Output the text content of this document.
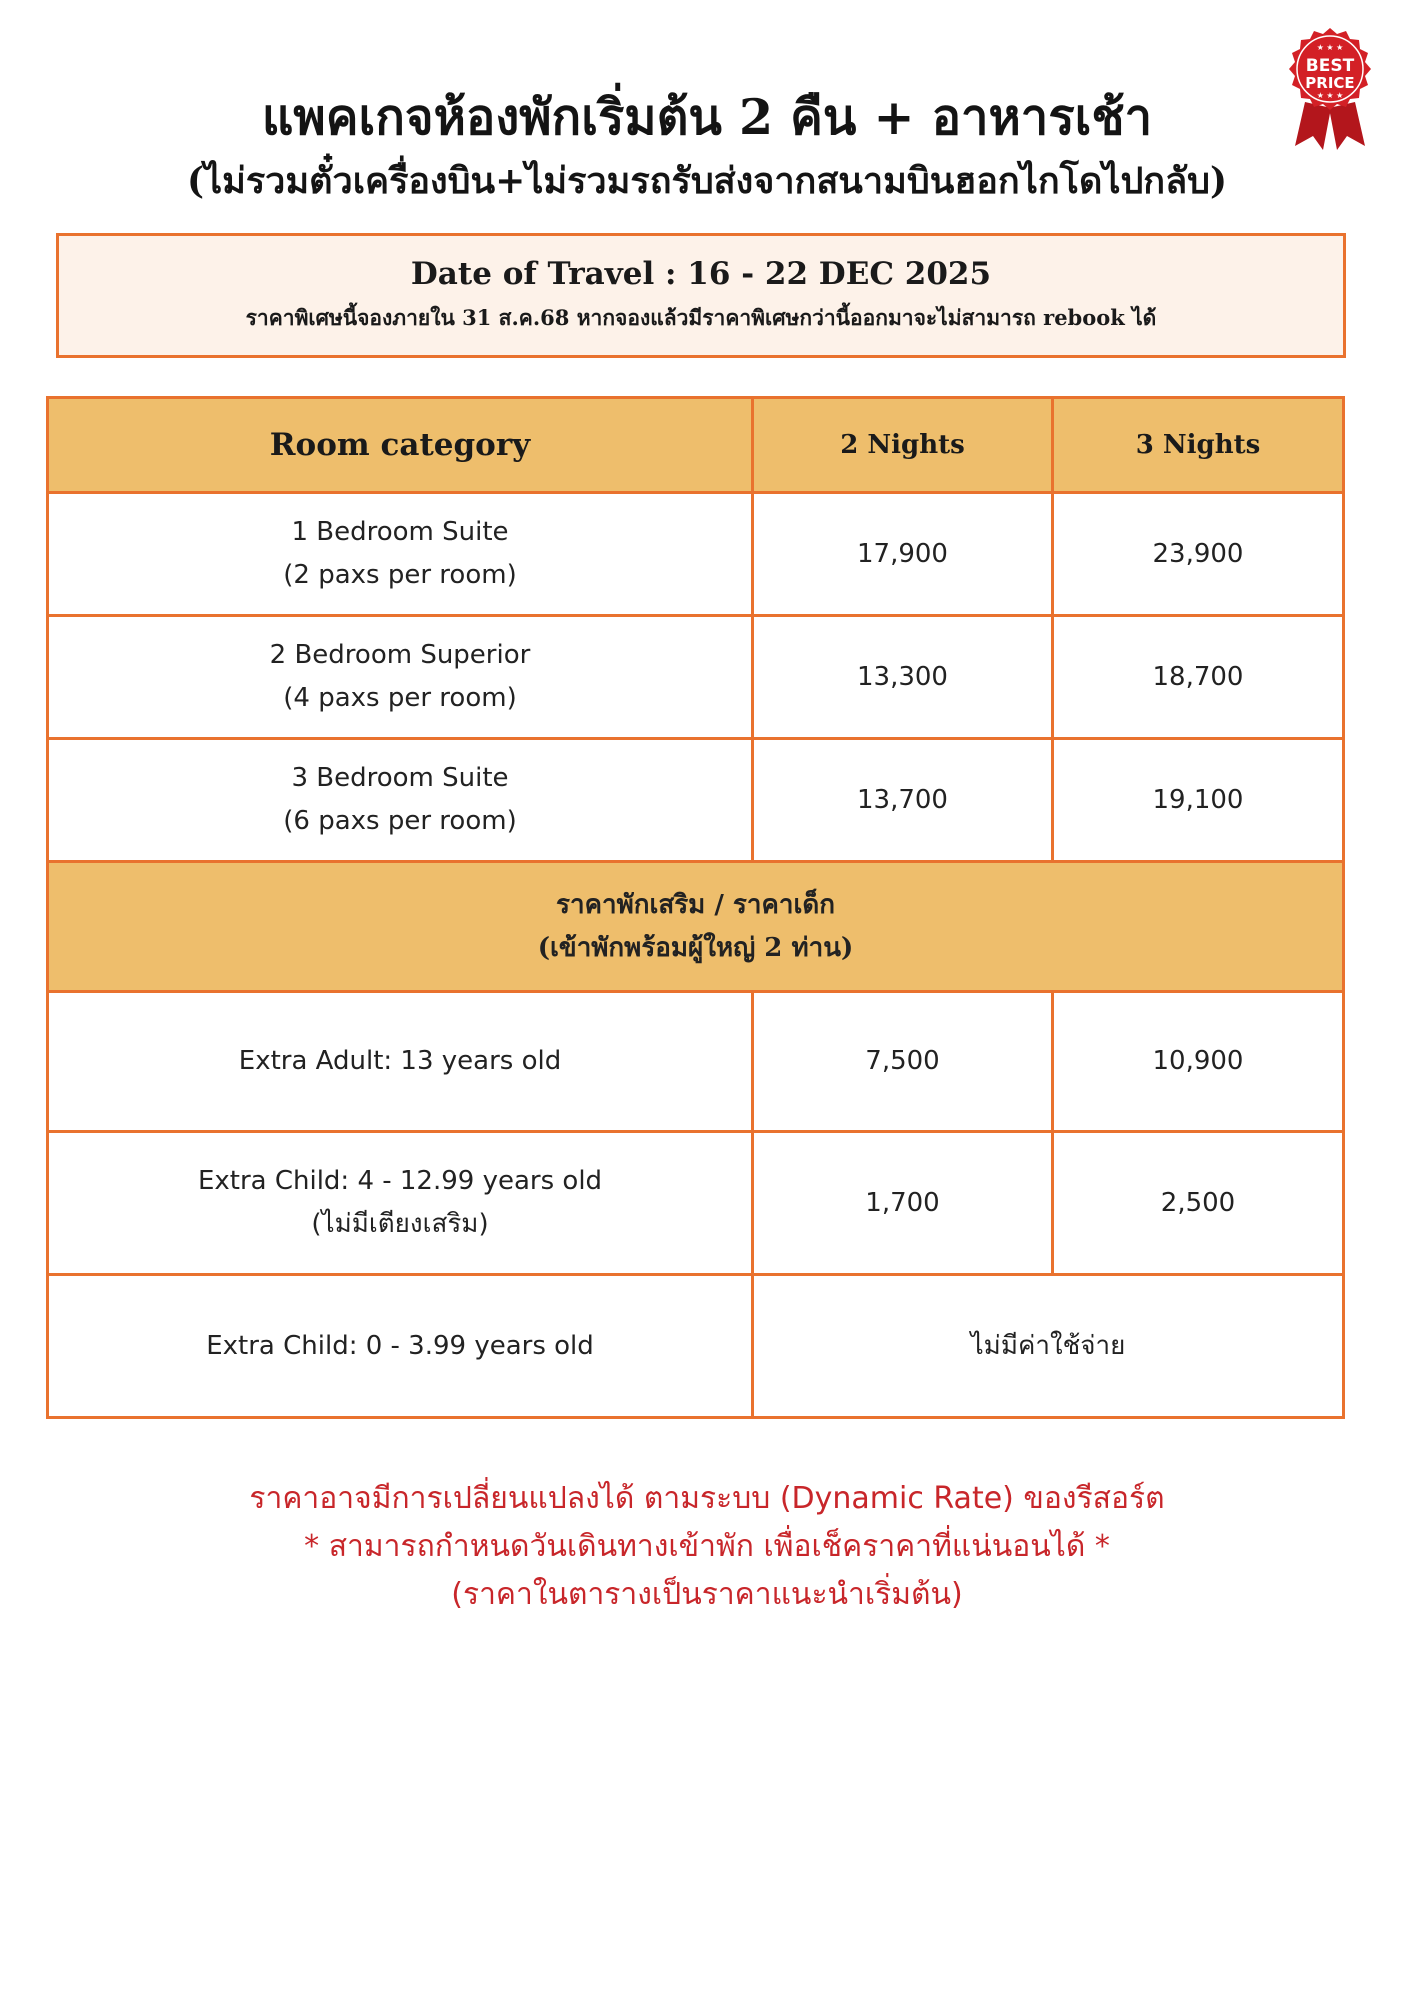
แพคเกจห้องพักเริ่มต้น 2 คืน + อาหารเช้า
(ไม่รวมตั๋วเครื่องบิน+ไม่รวมรถรับส่งจากสนามบินฮอกไกโดไปกลับ)
★ ★ ★
BEST
PRICE
★ ★ ★
Date of Travel : 16 - 22 DEC 2025
ราคาพิเศษนี้จองภายใน 31 ส.ค.68 หากจองแล้วมีราคาพิเศษกว่านี้ออกมาจะไม่สามารถ rebook ได้
Room category	2 Nights	3 Nights

1 Bedroom Suite
(2 paxs per room)	17,900	23,900

2 Bedroom Superior
(4 paxs per room)	13,300	18,700

3 Bedroom Suite
(6 paxs per room)	13,700	19,100

ราคาพักเสริม / ราคาเด็ก
(เข้าพักพร้อมผู้ใหญ่ 2 ท่าน)		

Extra Adult: 13 years old	7,500	10,900

Extra Child: 4 - 12.99 years old
(ไม่มีเตียงเสริม)	1,700	2,500
Extra Child: 0 - 3.99 years old	ไม่มีค่าใช้จ่าย	
ราคาอาจมีการเปลี่ยนแปลงได้ ตามระบบ (Dynamic Rate) ของรีสอร์ต
* สามารถกำหนดวันเดินทางเข้าพัก เพื่อเช็คราคาที่แน่นอนได้ *
(ราคาในตารางเป็นราคาแนะนำเริ่มต้น)
